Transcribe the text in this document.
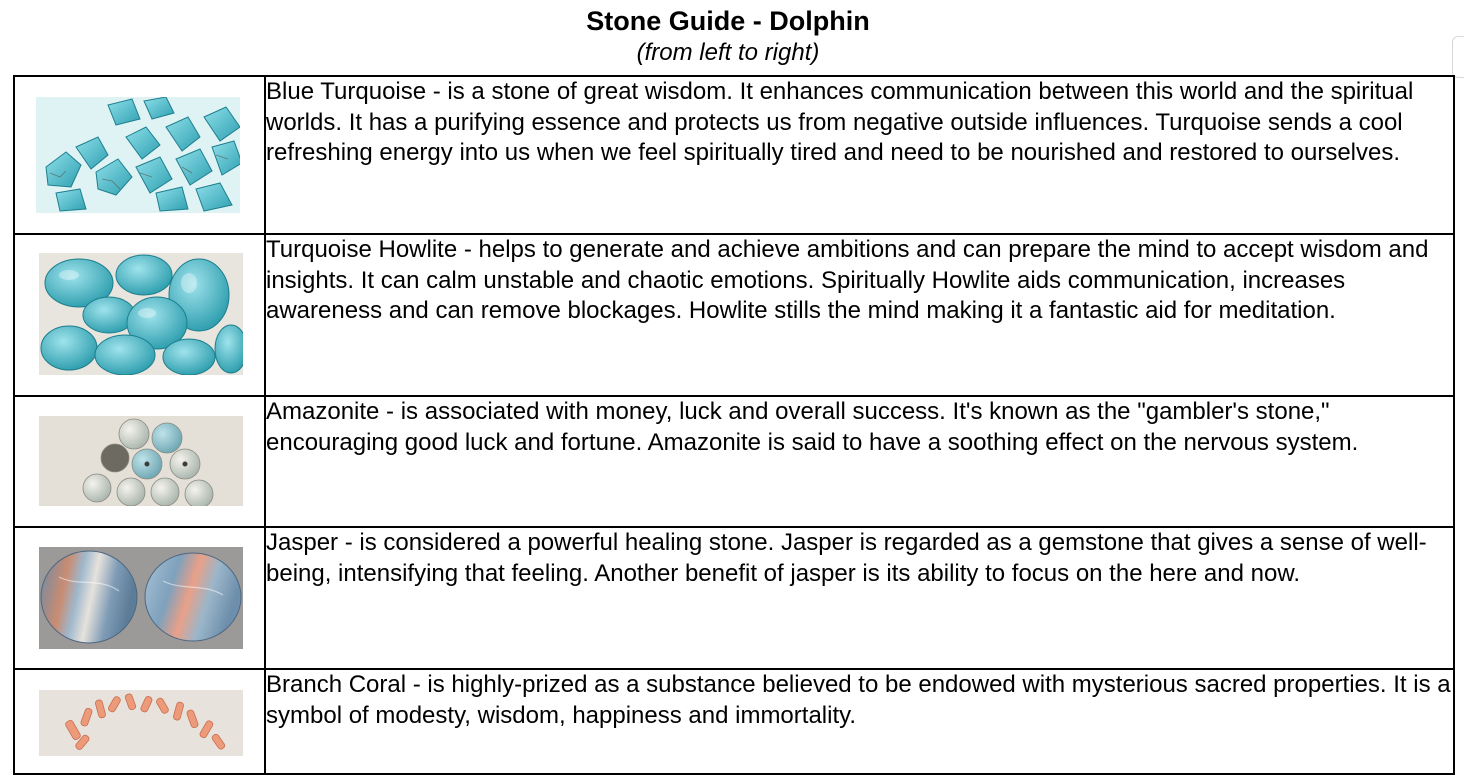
Stone Guide - Dolphin
(from left to right)
	Blue Turquoise - is a stone of great wisdom. It enhances communication between this world and the spiritual worlds. It has a purifying essence and protects us from negative outside influences. Turquoise sends a cool refreshing energy into us when we feel spiritually tired and need to be nourished and restored to ourselves.

	Turquoise Howlite - helps to generate and achieve ambitions and can prepare the mind to accept wisdom and insights. It can calm unstable and chaotic emotions. Spiritually Howlite aids communication, increases awareness and can remove blockages. Howlite stills the mind making it a fantastic aid for meditation.

	Amazonite - is associated with money, luck and overall success. It's known as the "gambler's stone," encouraging good luck and fortune. Amazonite is said to have a soothing effect on the nervous system.

	Jasper - is considered a powerful healing stone. Jasper is regarded as a gemstone that gives a sense of well-being, intensifying that feeling. Another benefit of jasper is its ability to focus on the here and now.

	Branch Coral - is highly-prized as a substance believed to be endowed with mysterious sacred properties. It is a symbol of modesty, wisdom, happiness and immortality.
